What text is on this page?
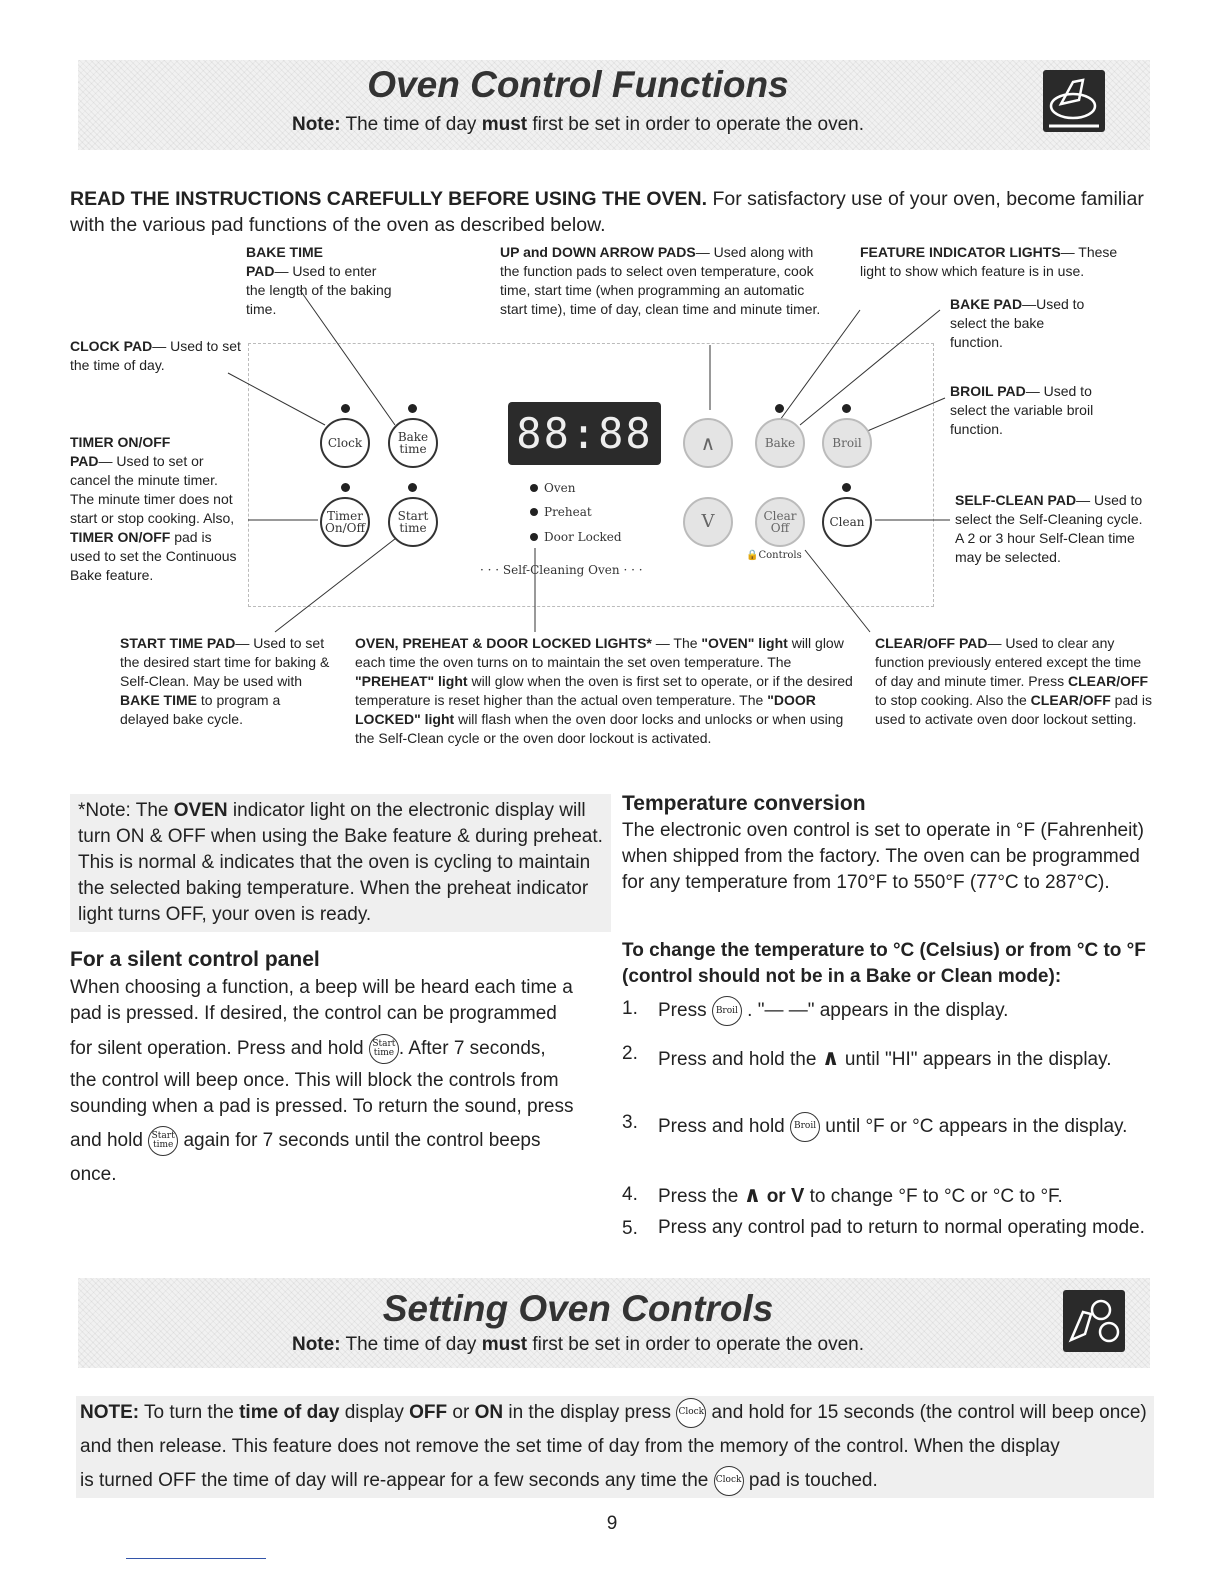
Oven Control Functions
Note: The time of day must first be set in order to operate the oven.
READ THE INSTRUCTIONS CAREFULLY BEFORE USING THE OVEN. For satisfactory use of your oven, become familiar with the various pad functions of the oven as described below.
Clock	Bake
time
Timer
On/Off
Start
time
88:88	∧
V
Bake	Broil
Clear
Off	Clean
Oven
Preheat
Door Locked
· · · Self-Cleaning Oven · · ·
🔒Controls
BAKE TIME
PAD— Used to enter the length of the baking time.
UP and DOWN ARROW PADS— Used along with the function pads to select oven temperature, cook time, start time (when programming an automatic start time), time of day, clean time and minute timer.
FEATURE INDICATOR LIGHTS— These light to show which feature is in use.
BAKE PAD—Used to select the bake function.
CLOCK PAD— Used to set the time of day.
BROIL PAD— Used to select the variable broil function.
TIMER ON/OFF
PAD— Used to set or cancel the minute timer. The minute timer does not start or stop cooking. Also, TIMER ON/OFF pad is used to set the Continuous Bake feature.
SELF-CLEAN PAD— Used to select the Self-Cleaning cycle. A 2 or 3 hour Self-Clean time may be selected.
START TIME PAD— Used to set the desired start time for baking & Self-Clean. May be used with BAKE TIME to program a delayed bake cycle.
OVEN, PREHEAT & DOOR LOCKED LIGHTS* — The "OVEN" light will glow each time the oven turns on to maintain the set oven temperature. The "PREHEAT" light will glow when the oven is first set to operate, or if the desired temperature is reset higher than the actual oven temperature. The "DOOR LOCKED" light will flash when the oven door locks and unlocks or when using the Self-Clean cycle or the oven door lockout is activated.
CLEAR/OFF PAD— Used to clear any function previously entered except the time of day and minute timer. Press CLEAR/OFF to stop cooking. Also the CLEAR/OFF pad is used to activate oven door lockout setting.
*Note: The OVEN indicator light on the electronic display will turn ON & OFF when using the Bake feature & during preheat. This is normal & indicates that the oven is cycling to maintain the selected baking temperature. When the preheat indicator light turns OFF, your oven is ready.
For a silent control panel
When choosing a function, a beep will be heard each time a pad is pressed. If desired, the control can be programmed

for silent operation. Press and hold Start
time . After 7 seconds,
the control will beep once. This will block the controls from sounding when a pad is pressed. To return the sound, press
and hold Start
time again for 7 seconds until the control beeps
once.
Temperature conversion
The electronic oven control is set to operate in °F (Fahrenheit) when shipped from the factory. The oven can be programmed for any temperature from 170°F to 550°F (77°C to 287°C).
To change the temperature to °C (Celsius) or from °C to °F (control should not be in a Bake or Clean mode):
1. Press Broil . "— —" appears in the display.
2. Press and hold the ∧ until "HI" appears in the display.
3. Press and hold Broil until °F or °C appears in the display.
4. Press the ∧ or V to change °F to °C or °C to °F.
5. Press any control pad to return to normal operating mode.
Setting Oven Controls
Note: The time of day must first be set in order to operate the oven.
NOTE: To turn the time of day display OFF or ON in the display press Clock and hold for 15 seconds (the control will beep once) and then release. This feature does not remove the set time of day from the memory of the control. When the display
is turned OFF the time of day will re-appear for a few seconds any time the Clock pad is touched.
9
